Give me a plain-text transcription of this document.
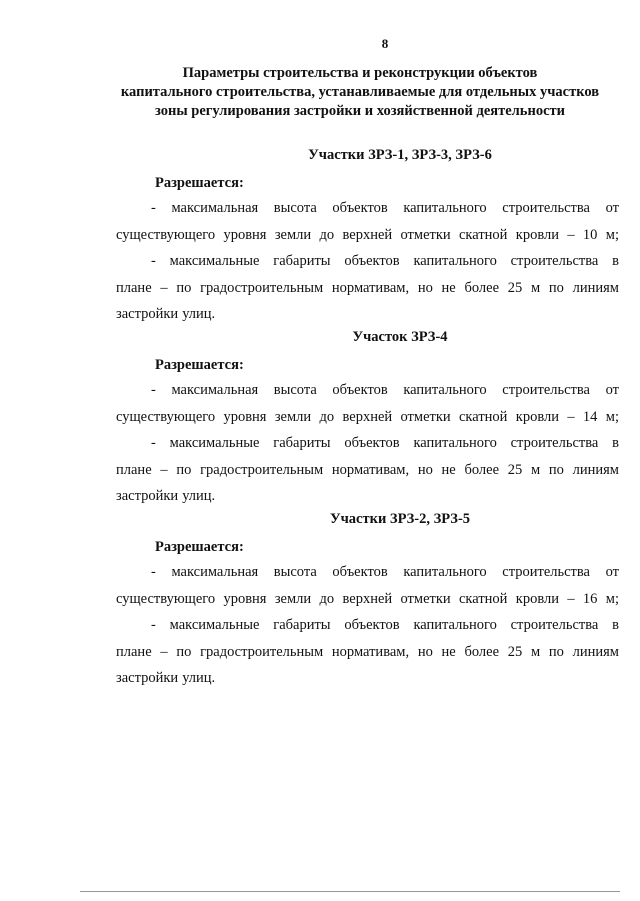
8
Параметры строительства и реконструкции объектов
капитального строительства, устанавливаемые для отдельных участков
зоны регулирования застройки и хозяйственной деятельности
Участки ЗРЗ-1, ЗРЗ-3, ЗРЗ-6
Разрешается:
- максимальная высота объектов капитального строительства от
существующего уровня земли до верхней отметки скатной кровли – 10 м;
- максимальные габариты объектов капитального строительства в
плане – по градостроительным нормативам, но не более 25 м по линиям
застройки улиц.
Участок ЗРЗ-4
Разрешается:
- максимальная высота объектов капитального строительства от
существующего уровня земли до верхней отметки скатной кровли – 14 м;
- максимальные габариты объектов капитального строительства в
плане – по градостроительным нормативам, но не более 25 м по линиям
застройки улиц.
Участки ЗРЗ-2, ЗРЗ-5
Разрешается:
- максимальная высота объектов капитального строительства от
существующего уровня земли до верхней отметки скатной кровли – 16 м;
- максимальные габариты объектов капитального строительства в
плане – по градостроительным нормативам, но не более 25 м по линиям
застройки улиц.
